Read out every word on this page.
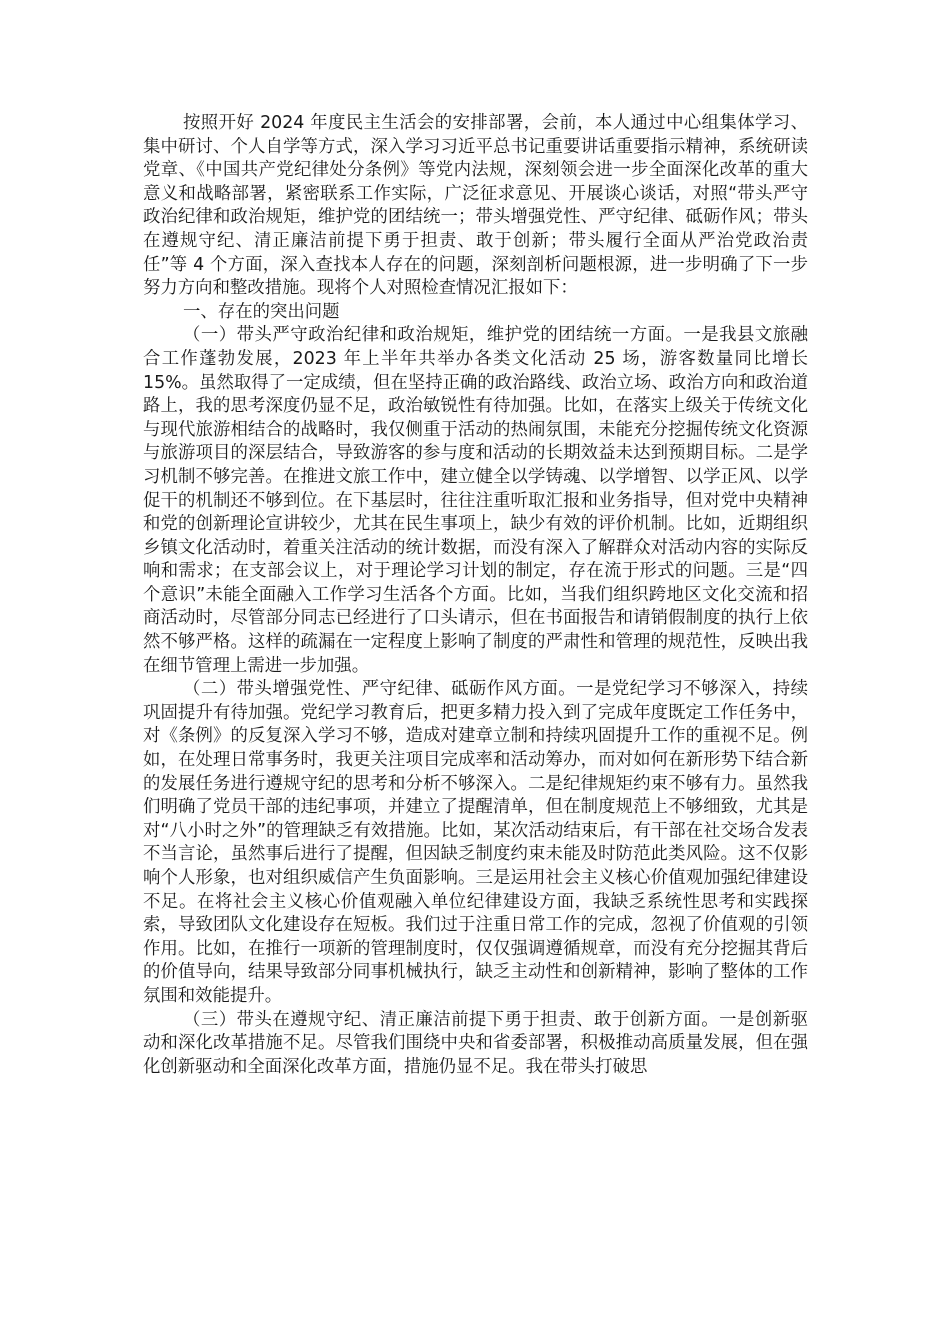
按照开好 2024 年度民主生活会的安排部署，会前，本人通过中心组集体学习、集中研讨、个人自学等方式，深入学习习近平总书记重要讲话重要指示精神，系统研读党章、《中国共产党纪律处分条例》等党内法规，深刻领会进一步全面深化改革的重大意义和战略部署，紧密联系工作实际，广泛征求意见、开展谈心谈话，对照“带头严守政治纪律和政治规矩，维护党的团结统一；带头增强党性、严守纪律、砥砺作风；带头在遵规守纪、清正廉洁前提下勇于担责、敢于创新；带头履行全面从严治党政治责任”等 4 个方面，深入查找本人存在的问题，深刻剖析问题根源，进一步明确了下一步努力方向和整改措施。现将个人对照检查情况汇报如下：

一、存在的突出问题

（一）带头严守政治纪律和政治规矩，维护党的团结统一方面。一是我县文旅融合工作蓬勃发展，2023 年上半年共举办各类文化活动 25 场，游客数量同比增长 15%。虽然取得了一定成绩，但在坚持正确的政治路线、政治立场、政治方向和政治道路上，我的思考深度仍显不足，政治敏锐性有待加强。比如，在落实上级关于传统文化与现代旅游相结合的战略时，我仅侧重于活动的热闹氛围，未能充分挖掘传统文化资源与旅游项目的深层结合，导致游客的参与度和活动的长期效益未达到预期目标。二是学习机制不够完善。在推进文旅工作中，建立健全以学铸魂、以学增智、以学正风、以学促干的机制还不够到位。在下基层时，往往注重听取汇报和业务指导，但对党中央精神和党的创新理论宣讲较少，尤其在民生事项上，缺少有效的评价机制。比如，近期组织乡镇文化活动时，着重关注活动的统计数据，而没有深入了解群众对活动内容的实际反响和需求；在支部会议上，对于理论学习计划的制定，存在流于形式的问题。三是“四个意识”未能全面融入工作学习生活各个方面。比如，当我们组织跨地区文化交流和招商活动时，尽管部分同志已经进行了口头请示，但在书面报告和请销假制度的执行上依然不够严格。这样的疏漏在一定程度上影响了制度的严肃性和管理的规范性，反映出我在细节管理上需进一步加强。

（二）带头增强党性、严守纪律、砥砺作风方面。一是党纪学习不够深入，持续巩固提升有待加强。党纪学习教育后，把更多精力投入到了完成年度既定工作任务中，对《条例》的反复深入学习不够，造成对建章立制和持续巩固提升工作的重视不足。例如，在处理日常事务时，我更关注项目完成率和活动筹办，而对如何在新形势下结合新的发展任务进行遵规守纪的思考和分析不够深入。二是纪律规矩约束不够有力。虽然我们明确了党员干部的违纪事项，并建立了提醒清单，但在制度规范上不够细致，尤其是对“八小时之外”的管理缺乏有效措施。比如，某次活动结束后，有干部在社交场合发表不当言论，虽然事后进行了提醒，但因缺乏制度约束未能及时防范此类风险。这不仅影响个人形象，也对组织威信产生负面影响。三是运用社会主义核心价值观加强纪律建设不足。在将社会主义核心价值观融入单位纪律建设方面，我缺乏系统性思考和实践探索，导致团队文化建设存在短板。我们过于注重日常工作的完成，忽视了价值观的引领作用。比如，在推行一项新的管理制度时，仅仅强调遵循规章，而没有充分挖掘其背后的价值导向，结果导致部分同事机械执行，缺乏主动性和创新精神，影响了整体的工作氛围和效能提升。

（三）带头在遵规守纪、清正廉洁前提下勇于担责、敢于创新方面。一是创新驱动和深化改革措施不足。尽管我们围绕中央和省委部署，积极推动高质量发展，但在强化创新驱动和全面深化改革方面，措施仍显不足。我在带头打破思
